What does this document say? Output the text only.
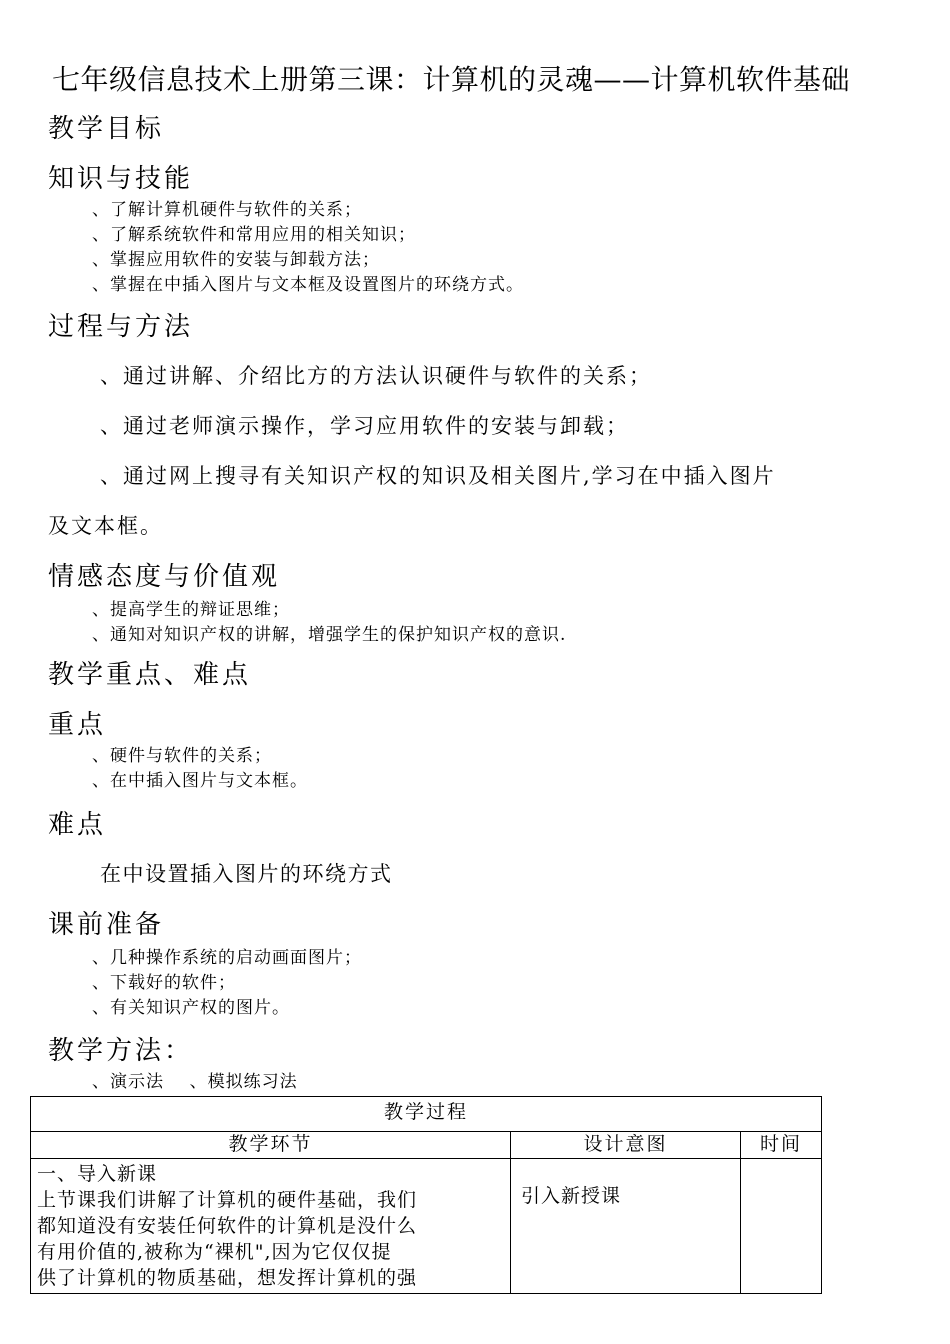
七年级信息技术上册第三课：计算机的灵魂——计算机软件基础
教学目标
知识与技能
、了解计算机硬件与软件的关系；
、了解系统软件和常用应用的相关知识；
、掌握应用软件的安装与卸载方法；
、掌握在中插入图片与文本框及设置图片的环绕方式。
过程与方法
、通过讲解、介绍比方的方法认识硬件与软件的关系；
、通过老师演示操作，学习应用软件的安装与卸载；
、通过网上搜寻有关知识产权的知识及相关图片,学习在中插入图片
及文本框。
情感态度与价值观
、提高学生的辩证思维；
、通知对知识产权的讲解，增强学生的保护知识产权的意识.
教学重点、难点
重点
、硬件与软件的关系；
、在中插入图片与文本框。
难点
在中设置插入图片的环绕方式
课前准备
、几种操作系统的启动画面图片；
、下载好的软件；
、有关知识产权的图片。
教学方法：
、演示法    、模拟练习法
教学过程		
教学环节	设计意图	时间

一、导入新课
上节课我们讲解了计算机的硬件基础，我们
都知道没有安装任何软件的计算机是没什么
有用价值的,被称为“裸机",因为它仅仅提
供了计算机的物质基础，想发挥计算机的强	引入新授课	
